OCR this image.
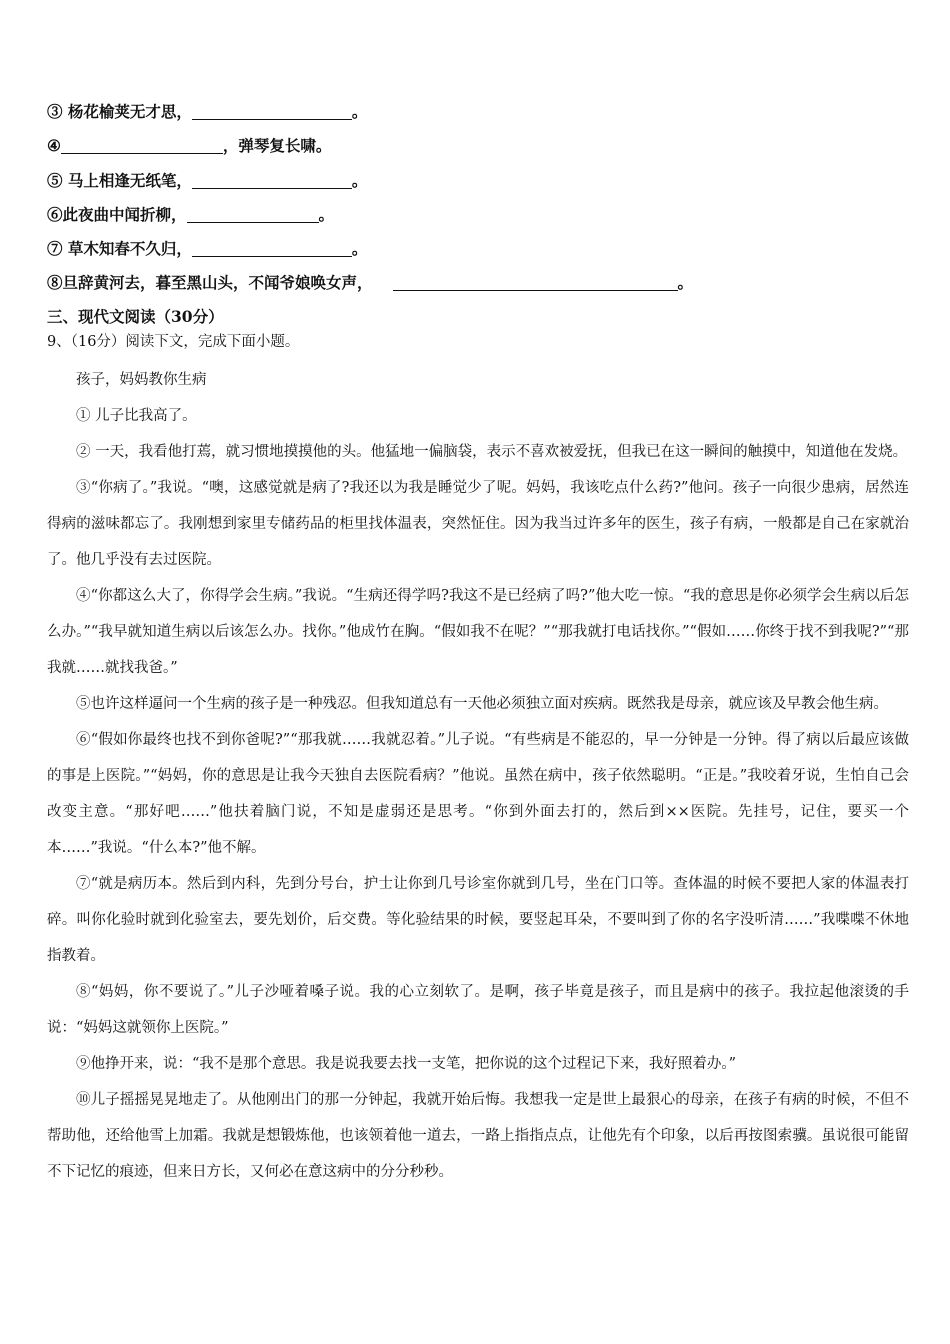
③ 杨花榆荚无才思，	。
④	，弹琴复长啸。
⑤ 马上相逢无纸笔，	。
⑥此夜曲中闻折柳，	。
⑦ 草木知春不久归，	。
⑧旦辞黄河去，暮至黑山头，不闻爷娘唤女声，	。
三、现代文阅读（30分）
9、（16分）阅读下文，完成下面小题。

孩子，妈妈教你生病

① 儿子比我高了。

② 一天，我看他打蔫，就习惯地摸摸他的头。他猛地一偏脑袋，表示不喜欢被爱抚，但我已在这一瞬间的触摸中，知道他在发烧。

③“你病了。”我说。“噢，这感觉就是病了?我还以为我是睡觉少了呢。妈妈，我该吃点什么药?”他问。孩子一向很少患病，居然连得病的滋味都忘了。我刚想到家里专储药品的柜里找体温表，突然怔住。因为我当过许多年的医生，孩子有病，一般都是自己在家就治了。他几乎没有去过医院。

④“你都这么大了，你得学会生病。”我说。“生病还得学吗?我这不是已经病了吗?”他大吃一惊。“我的意思是你必须学会生病以后怎么办。”“我早就知道生病以后该怎么办。找你。”他成竹在胸。“假如我不在呢？”“那我就打电话找你。”“假如……你终于找不到我呢?”“那我就……就找我爸。”

⑤也许这样逼问一个生病的孩子是一种残忍。但我知道总有一天他必须独立面对疾病。既然我是母亲，就应该及早教会他生病。

⑥“假如你最终也找不到你爸呢?”“那我就……我就忍着。”儿子说。“有些病是不能忍的，早一分钟是一分钟。得了病以后最应该做的事是上医院。”“妈妈，你的意思是让我今天独自去医院看病？”他说。虽然在病中，孩子依然聪明。“正是。”我咬着牙说，生怕自己会改变主意。“那好吧……”他扶着脑门说，不知是虚弱还是思考。“你到外面去打的，然后到××医院。先挂号，记住，要买一个本……”我说。“什么本?”他不解。

⑦“就是病历本。然后到内科，先到分号台，护士让你到几号诊室你就到几号，坐在门口等。查体温的时候不要把人家的体温表打碎。叫你化验时就到化验室去，要先划价，后交费。等化验结果的时候，要竖起耳朵，不要叫到了你的名字没听清……”我喋喋不休地指教着。

⑧“妈妈，你不要说了。”儿子沙哑着嗓子说。我的心立刻软了。是啊，孩子毕竟是孩子，而且是病中的孩子。我拉起他滚烫的手说：“妈妈这就领你上医院。”

⑨他挣开来，说：“我不是那个意思。我是说我要去找一支笔，把你说的这个过程记下来，我好照着办。”

⑩儿子摇摇晃晃地走了。从他刚出门的那一分钟起，我就开始后悔。我想我一定是世上最狠心的母亲，在孩子有病的时候，不但不帮助他，还给他雪上加霜。我就是想锻炼他，也该领着他一道去，一路上指指点点，让他先有个印象，以后再按图索骥。虽说很可能留不下记忆的痕迹，但来日方长，又何必在意这病中的分分秒秒。
